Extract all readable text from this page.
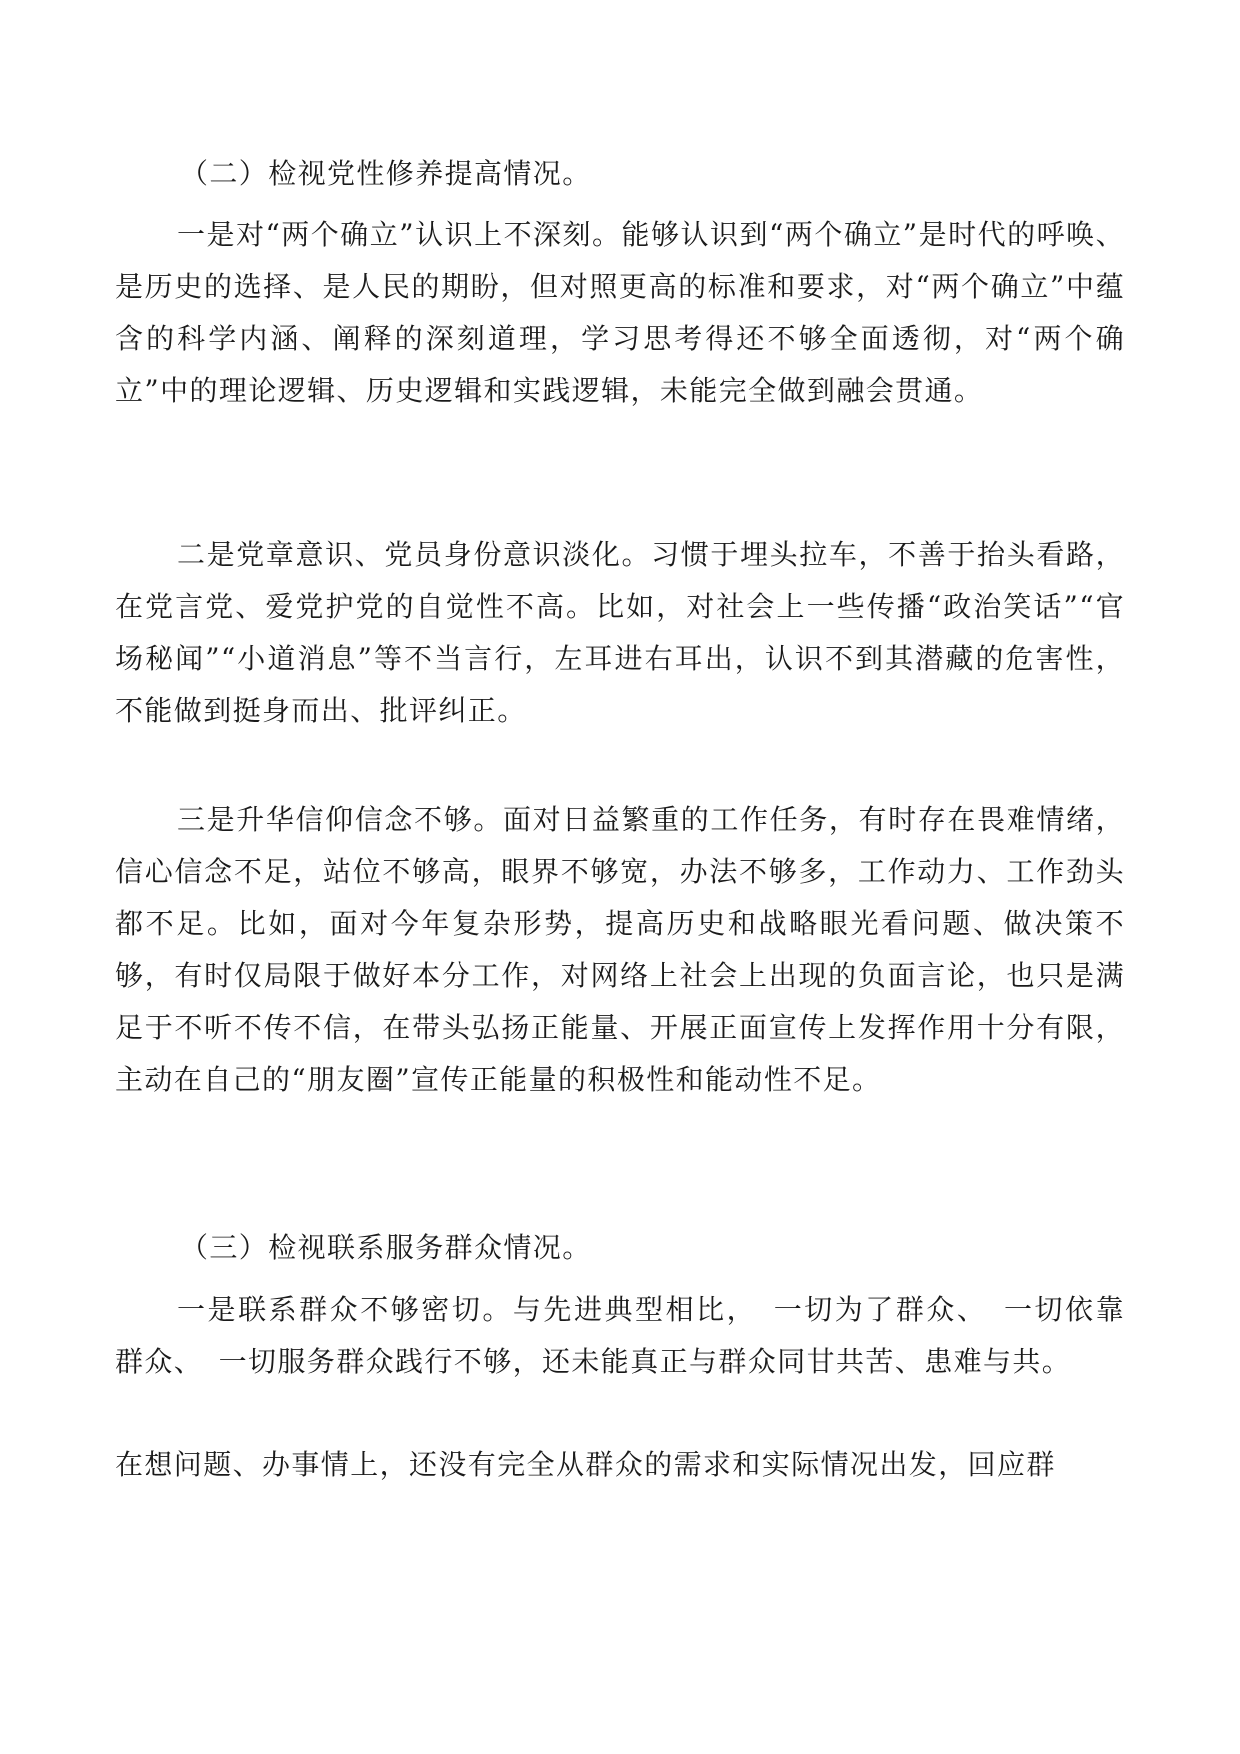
（二）检视党性修养提高情况。

一是对“两个确立”认识上不深刻。能够认识到“两个确立”是时代的呼唤、是历史的选择、是人民的期盼，但对照更高的标准和要求，对“两个确立”中蕴含的科学内涵、阐释的深刻道理，学习思考得还不够全面透彻，对“两个确立”中的理论逻辑、历史逻辑和实践逻辑，未能完全做到融会贯通。

二是党章意识、党员身份意识淡化。习惯于埋头拉车，不善于抬头看路，在党言党、爱党护党的自觉性不高。比如，对社会上一些传播“政治笑话”“官场秘闻”“小道消息”等不当言行，左耳进右耳出，认识不到其潜藏的危害性，不能做到挺身而出、批评纠正。

三是升华信仰信念不够。面对日益繁重的工作任务，有时存在畏难情绪，信心信念不足，站位不够高，眼界不够宽，办法不够多，工作动力、工作劲头都不足。比如，面对今年复杂形势，提高历史和战略眼光看问题、做决策不够，有时仅局限于做好本分工作，对网络上社会上出现的负面言论，也只是满足于不听不传不信，在带头弘扬正能量、开展正面宣传上发挥作用十分有限，主动在自己的“朋友圈”宣传正能量的积极性和能动性不足。

（三）检视联系服务群众情况。

一是联系群众不够密切。与先进典型相比，　一切为了群众、　一切依靠　群众、　一切服务群众践行不够，还未能真正与群众同甘共苦、患难与共。

在想问题、办事情上，还没有完全从群众的需求和实际情况出发，回应群
